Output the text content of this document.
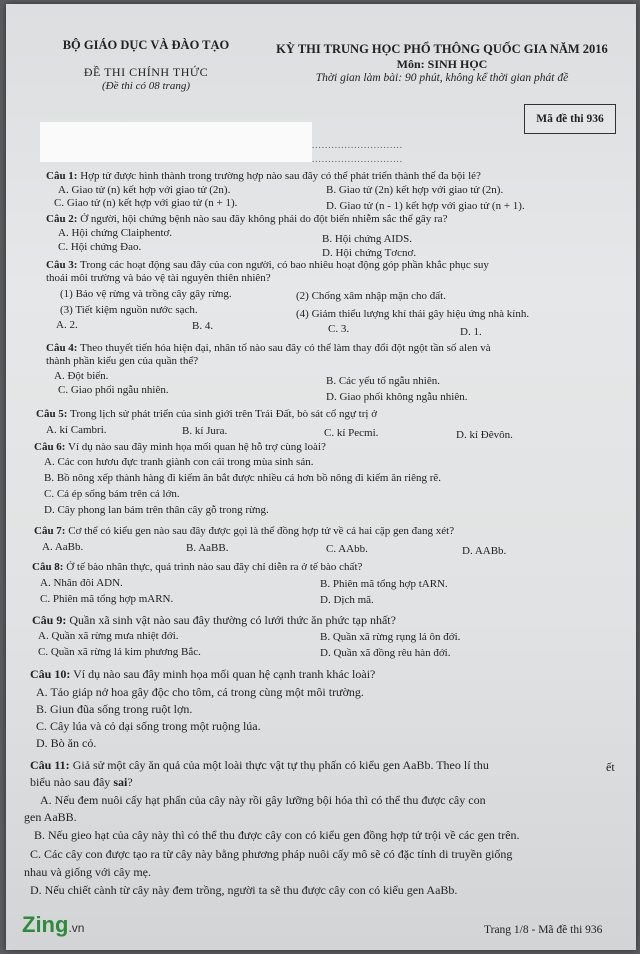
BỘ GIÁO DỤC VÀ ĐÀO TẠO
ĐỀ THI CHÍNH THỨC
(Đề thi có 08 trang)
KỲ THI TRUNG HỌC PHỔ THÔNG QUỐC GIA NĂM 2016
Môn: SINH HỌC
Thời gian làm bài: 90 phút, không kể thời gian phát đề
Mã đề thi 936
............................
............................
Câu 1: Hợp tử được hình thành trong trường hợp nào sau đây có thể phát triển thành thể đa bội lẻ?
A. Giao tử (n) kết hợp với giao tử (2n).	B. Giao tử (2n) kết hợp với giao tử (2n).
C. Giao tử (n) kết hợp với giao tử (n + 1).	D. Giao tử (n - 1) kết hợp với giao tử (n + 1).
Câu 2: Ở người, hội chứng bệnh nào sau đây không phải do đột biến nhiễm sắc thể gây ra?
A. Hội chứng Claiphentơ.	B. Hội chứng AIDS.
C. Hội chứng Đao.	D. Hội chứng Tơcnơ.
Câu 3: Trong các hoạt động sau đây của con người, có bao nhiêu hoạt động góp phần khắc phục suy
thoái môi trường và bảo vệ tài nguyên thiên nhiên?
(1) Bảo vệ rừng và trồng cây gây rừng.	(2) Chống xâm nhập mặn cho đất.
(3) Tiết kiệm nguồn nước sạch.	(4) Giảm thiểu lượng khí thải gây hiệu ứng nhà kính.
A. 2.	B. 4.	C. 3.	D. 1.
Câu 4: Theo thuyết tiến hóa hiện đại, nhân tố nào sau đây có thể làm thay đổi đột ngột tần số alen và
thành phần kiểu gen của quần thể?
A. Đột biến.	B. Các yếu tố ngẫu nhiên.
C. Giao phối ngẫu nhiên.
D. Giao phối không ngẫu nhiên.
Câu 5: Trong lịch sử phát triển của sinh giới trên Trái Đất, bò sát cổ ngự trị ở
A. kỉ Cambri.	B. kỉ Jura.	C. kỉ Pecmi.	D. kỉ Đêvôn.
Câu 6: Ví dụ nào sau đây minh họa mối quan hệ hỗ trợ cùng loài?
A. Các con hươu đực tranh giành con cái trong mùa sinh sản.
B. Bồ nông xếp thành hàng đi kiếm ăn bắt được nhiều cá hơn bồ nông đi kiếm ăn riêng rẽ.
C. Cá ép sống bám trên cá lớn.
D. Cây phong lan bám trên thân cây gỗ trong rừng.
Câu 7: Cơ thể có kiểu gen nào sau đây được gọi là thể đồng hợp tử về cả hai cặp gen đang xét?
A. AaBb.	B. AaBB.	C. AAbb.	D. AABb.
Câu 8: Ở tế bào nhân thực, quá trình nào sau đây chỉ diễn ra ở tế bào chất?
A. Nhân đôi ADN.	B. Phiên mã tổng hợp tARN.
C. Phiên mã tổng hợp mARN.	D. Dịch mã.
Câu 9: Quần xã sinh vật nào sau đây thường có lưới thức ăn phức tạp nhất?
A. Quần xã rừng mưa nhiệt đới.	B. Quần xã rừng rụng lá ôn đới.
C. Quần xã rừng lá kim phương Bắc.	D. Quần xã đồng rêu hàn đới.
Câu 10: Ví dụ nào sau đây minh họa mối quan hệ cạnh tranh khác loài?
A. Tảo giáp nở hoa gây độc cho tôm, cá trong cùng một môi trường.
B. Giun đũa sống trong ruột lợn.
C. Cây lúa và cỏ dại sống trong một ruộng lúa.
D. Bò ăn cỏ.
Câu 11: Giả sử một cây ăn quả của một loài thực vật tự thụ phấn có kiểu gen AaBb. Theo lí thu	ết
biểu nào sau đây sai?
A. Nếu đem nuôi cấy hạt phấn của cây này rồi gây lưỡng bội hóa thì có thể thu được cây con
gen AaBB.
B. Nếu gieo hạt của cây này thì có thể thu được cây con có kiểu gen đồng hợp tử trội về các gen trên.
C. Các cây con được tạo ra từ cây này bằng phương pháp nuôi cấy mô sẽ có đặc tính di truyền giống
nhau và giống với cây mẹ.
D. Nếu chiết cành từ cây này đem trồng, người ta sẽ thu được cây con có kiểu gen AaBb.
Trang 1/8 - Mã đề thi 936
Zing.vn
